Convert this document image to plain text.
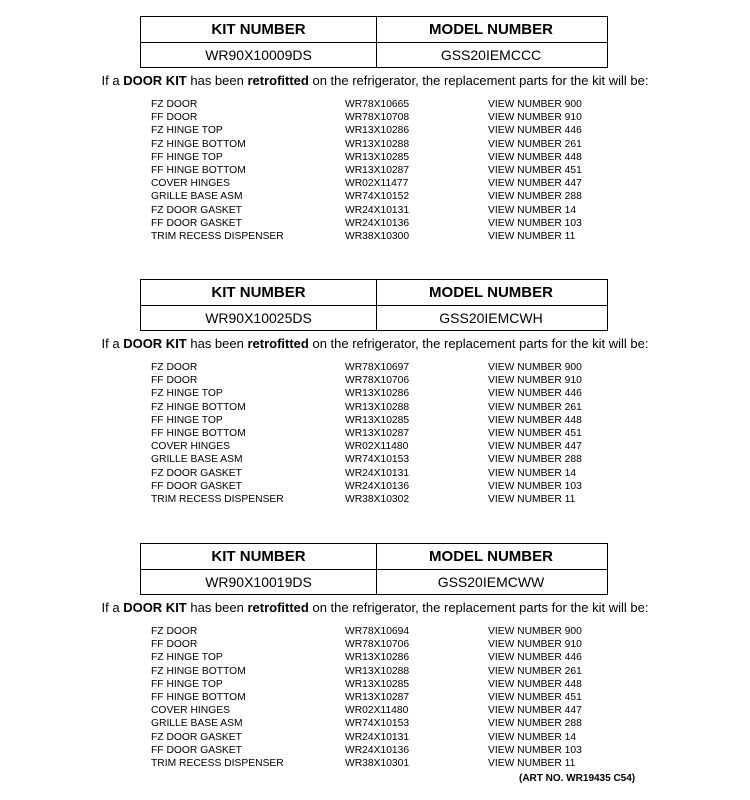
KIT NUMBER	MODEL NUMBER
WR90X10009DS	GSS20IEMCCC
If a DOOR KIT has been retrofitted on the refrigerator, the replacement parts for the kit will be:
FZ DOOR	WR78X10665	VIEW NUMBER 900
FF DOOR	WR78X10708	VIEW NUMBER 910
FZ HINGE TOP	WR13X10286	VIEW NUMBER 446
FZ HINGE BOTTOM	WR13X10288	VIEW NUMBER 261
FF HINGE TOP	WR13X10285	VIEW NUMBER 448
FF HINGE BOTTOM	WR13X10287	VIEW NUMBER 451
COVER HINGES	WR02X11477	VIEW NUMBER 447
GRILLE BASE ASM	WR74X10152	VIEW NUMBER 288
FZ DOOR GASKET	WR24X10131	VIEW NUMBER 14
FF DOOR GASKET	WR24X10136	VIEW NUMBER 103
TRIM RECESS DISPENSER	WR38X10300	VIEW NUMBER 11
KIT NUMBER	MODEL NUMBER
WR90X10025DS	GSS20IEMCWH
If a DOOR KIT has been retrofitted on the refrigerator, the replacement parts for the kit will be:
FZ DOOR	WR78X10697	VIEW NUMBER 900
FF DOOR	WR78X10706	VIEW NUMBER 910
FZ HINGE TOP	WR13X10286	VIEW NUMBER 446
FZ HINGE BOTTOM	WR13X10288	VIEW NUMBER 261
FF HINGE TOP	WR13X10285	VIEW NUMBER 448
FF HINGE BOTTOM	WR13X10287	VIEW NUMBER 451
COVER HINGES	WR02X11480	VIEW NUMBER 447
GRILLE BASE ASM	WR74X10153	VIEW NUMBER 288
FZ DOOR GASKET	WR24X10131	VIEW NUMBER 14
FF DOOR GASKET	WR24X10136	VIEW NUMBER 103
TRIM RECESS DISPENSER	WR38X10302	VIEW NUMBER 11
KIT NUMBER	MODEL NUMBER
WR90X10019DS	GSS20IEMCWW
If a DOOR KIT has been retrofitted on the refrigerator, the replacement parts for the kit will be:
FZ DOOR	WR78X10694	VIEW NUMBER 900
FF DOOR	WR78X10706	VIEW NUMBER 910
FZ HINGE TOP	WR13X10286	VIEW NUMBER 446
FZ HINGE BOTTOM	WR13X10288	VIEW NUMBER 261
FF HINGE TOP	WR13X10285	VIEW NUMBER 448
FF HINGE BOTTOM	WR13X10287	VIEW NUMBER 451
COVER HINGES	WR02X11480	VIEW NUMBER 447
GRILLE BASE ASM	WR74X10153	VIEW NUMBER 288
FZ DOOR GASKET	WR24X10131	VIEW NUMBER 14
FF DOOR GASKET	WR24X10136	VIEW NUMBER 103
TRIM RECESS DISPENSER	WR38X10301	VIEW NUMBER 11
(ART NO. WR19435 C54)
